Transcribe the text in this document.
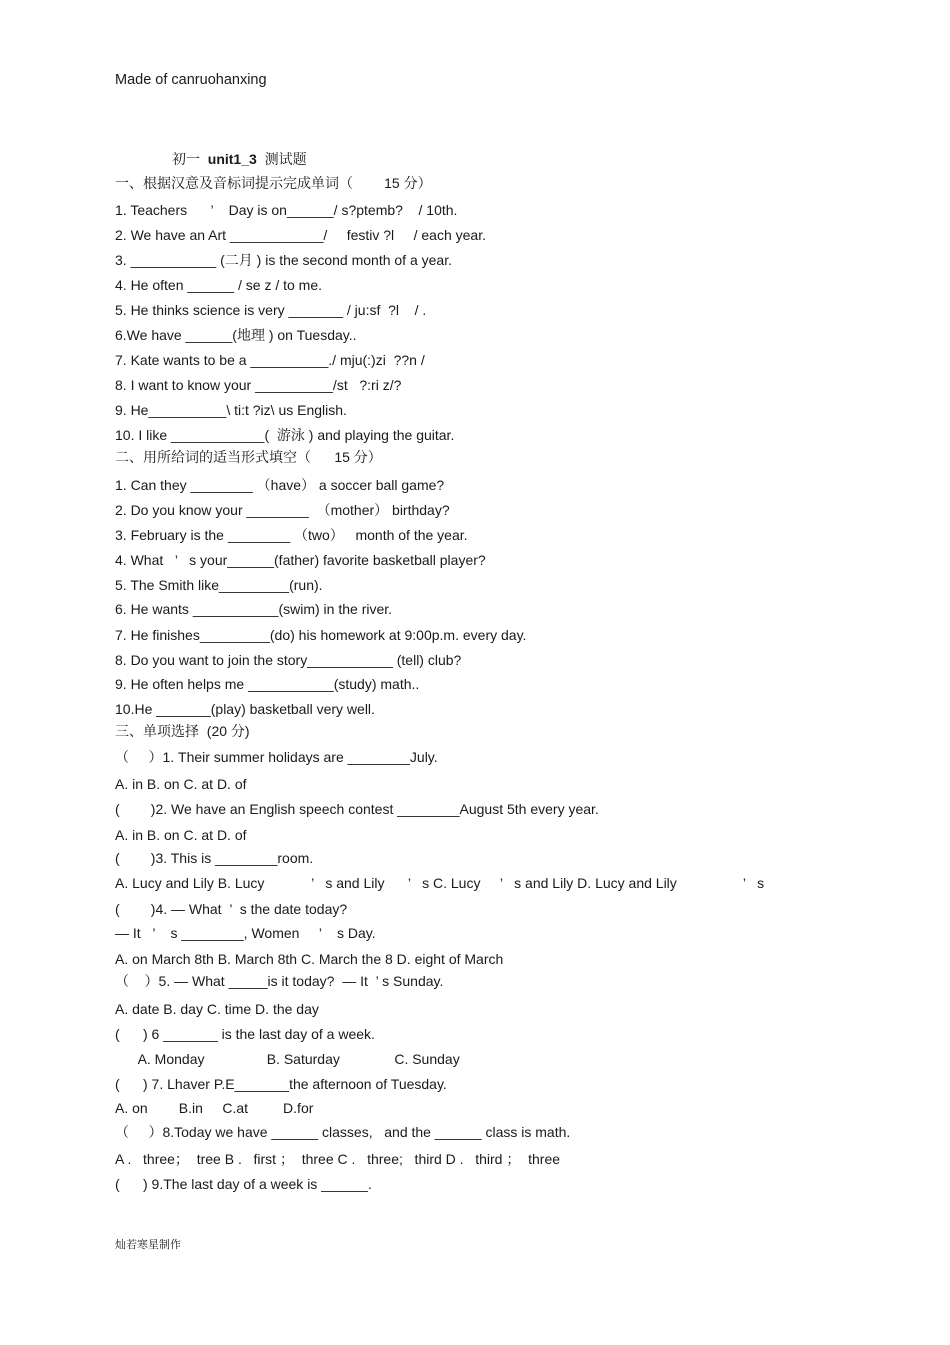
Made of canruohanxing
初一 unit1_3 测试题
一、根据汉意及音标词提示完成单词（        15 分）
1. Teachers      ’    Day is on______/ s?ptemb?    / 10th.
2. We have an Art ____________/     festiv ?l     / each year.
3. ___________ (二月 ) is the second month of a year.
4. He often ______ / se z / to me.
5. He thinks science is very _______ / ju:sf  ?l    / .
6.We have ______(地理 ) on Tuesday..
7. Kate wants to be a __________./ mju(:)zi  ??n /
8. I want to know your __________/st   ?:ri z/?
9. He__________\ ti:t ?iz\ us English.
10. I like ____________(  游泳 ) and playing the guitar.
二、用所给词的适当形式填空（      15 分）
1. Can they ________ （have） a soccer ball game?
2. Do you know your ________  （mother） birthday?
3. February is the ________ （two）   month of the year.
4. What   ’   s your______(father) favorite basketball player?
5. The Smith like_________(run).
6. He wants ___________(swim) in the river.
7. He finishes_________(do) his homework at 9:00p.m. every day.
8. Do you want to join the story___________ (tell) club?
9. He often helps me ___________(study) math..
10.He _______(play) basketball very well.
三、单项选择  (20 分)
（     ）1. Their summer holidays are ________July.
A. in B. on C. at D. of
(        )2. We have an English speech contest ________August 5th every year.
A. in B. on C. at D. of
(        )3. This is ________room.
A. Lucy and Lily B. Lucy            ’   s and Lily      ’   s C. Lucy     ’   s and Lily D. Lucy and Lily                 ’   s
(        )4. — What  ’  s the date today?
— It   ’    s ________, Women     ’    s Day.
A. on March 8th B. March 8th C. March the 8 D. eight of March
（    ）5. — What _____is it today?  — It  ’ s Sunday.
A. date B. day C. time D. the day
(      ) 6 _______ is the last day of a week.
A. Monday                B. Saturday              C. Sunday
(      ) 7. Lhaver P.E_______the afternoon of Tuesday.
A. on        B.in     C.at         D.for
（     ）8.Today we have ______ classes,   and the ______ class is math.
A .   three；  tree B .   first ；  three C .   three;   third D .   third ；  three
(      ) 9.The last day of a week is ______.
灿若寒星制作
